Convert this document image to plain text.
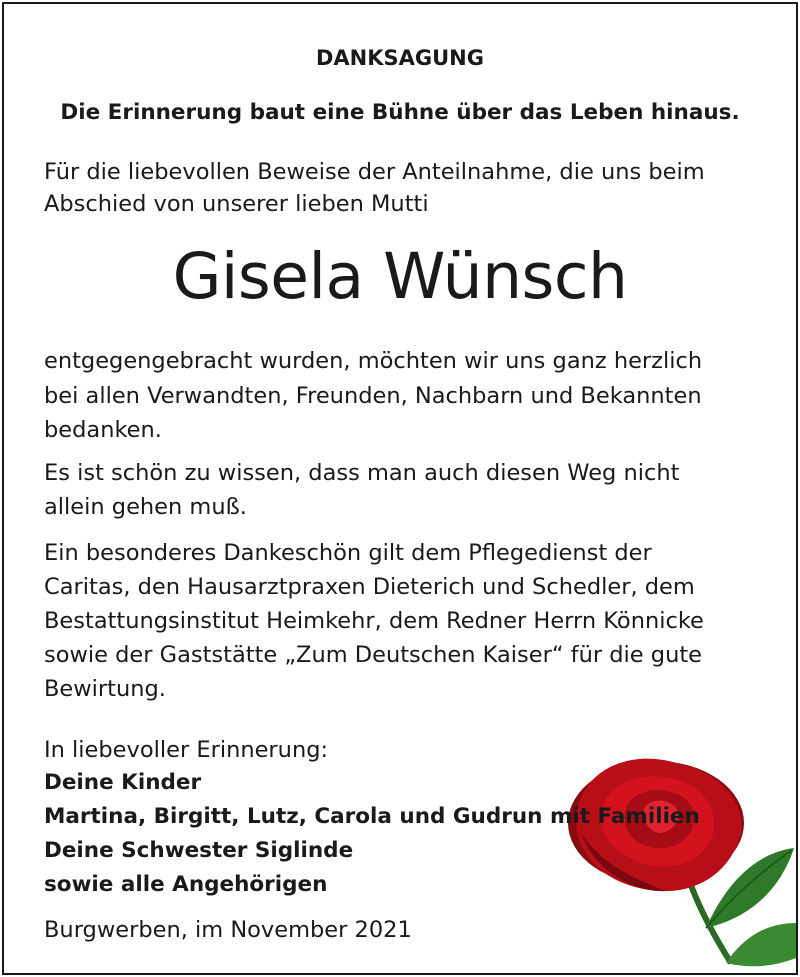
DANKSAGUNG
Die Erinnerung baut eine Bühne über das Leben hinaus.
Für die liebevollen Beweise der Anteilnahme, die uns beim
Abschied von unserer lieben Mutti
Gisela Wünsch
entgegengebracht wurden, möchten wir uns ganz herzlich
bei allen Verwandten, Freunden, Nachbarn und Bekannten
bedanken.
Es ist schön zu wissen, dass man auch diesen Weg nicht
allein gehen muß.
Ein besonderes Dankeschön gilt dem Pflegedienst der
Caritas, den Hausarztpraxen Dieterich und Schedler, dem
Bestattungsinstitut Heimkehr, dem Redner Herrn Könnicke
sowie der Gaststätte „Zum Deutschen Kaiser“ für die gute
Bewirtung.
In liebevoller Erinnerung:
Deine Kinder
Martina, Birgitt, Lutz, Carola und Gudrun mit Familien
Deine Schwester Siglinde
sowie alle Angehörigen
Burgwerben, im November 2021
